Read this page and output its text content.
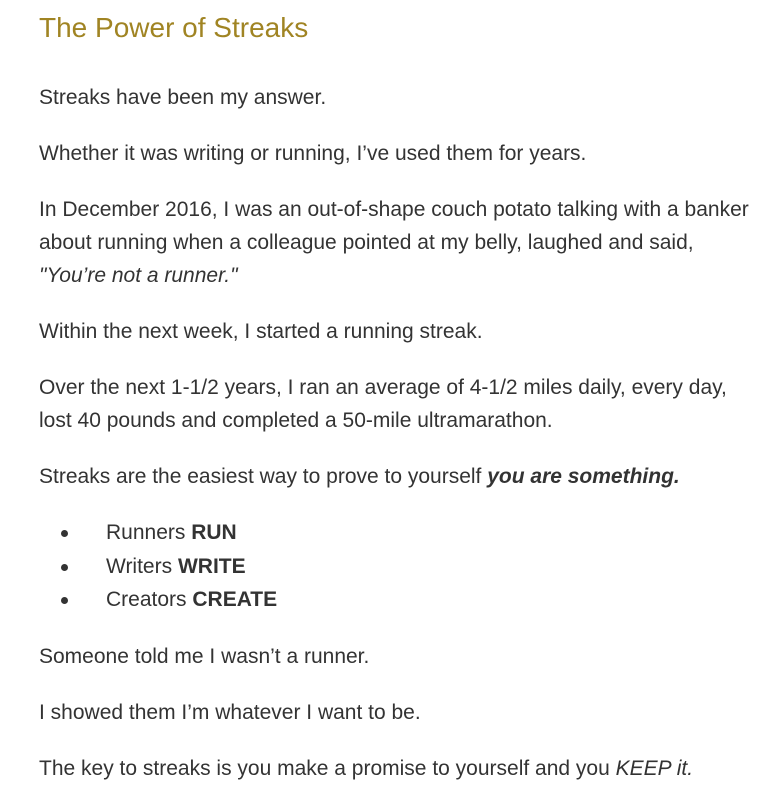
The Power of Streaks

Streaks have been my answer.

Whether it was writing or running, I’ve used them for years.

In December 2016, I was an out-of-shape couch potato talking with a banker about running when a colleague pointed at my belly, laughed and said, "You’re not a runner."

Within the next week, I started a running streak.

Over the next 1-1/2 years, I ran an average of 4-1/2 miles daily, every day, lost 40 pounds and completed a 50-mile ultramarathon.

Streaks are the easiest way to prove to yourself you are something.

Runners RUN
Writers WRITE
Creators CREATE

Someone told me I wasn’t a runner.

I showed them I’m whatever I want to be.

The key to streaks is you make a promise to yourself and you KEEP it.
